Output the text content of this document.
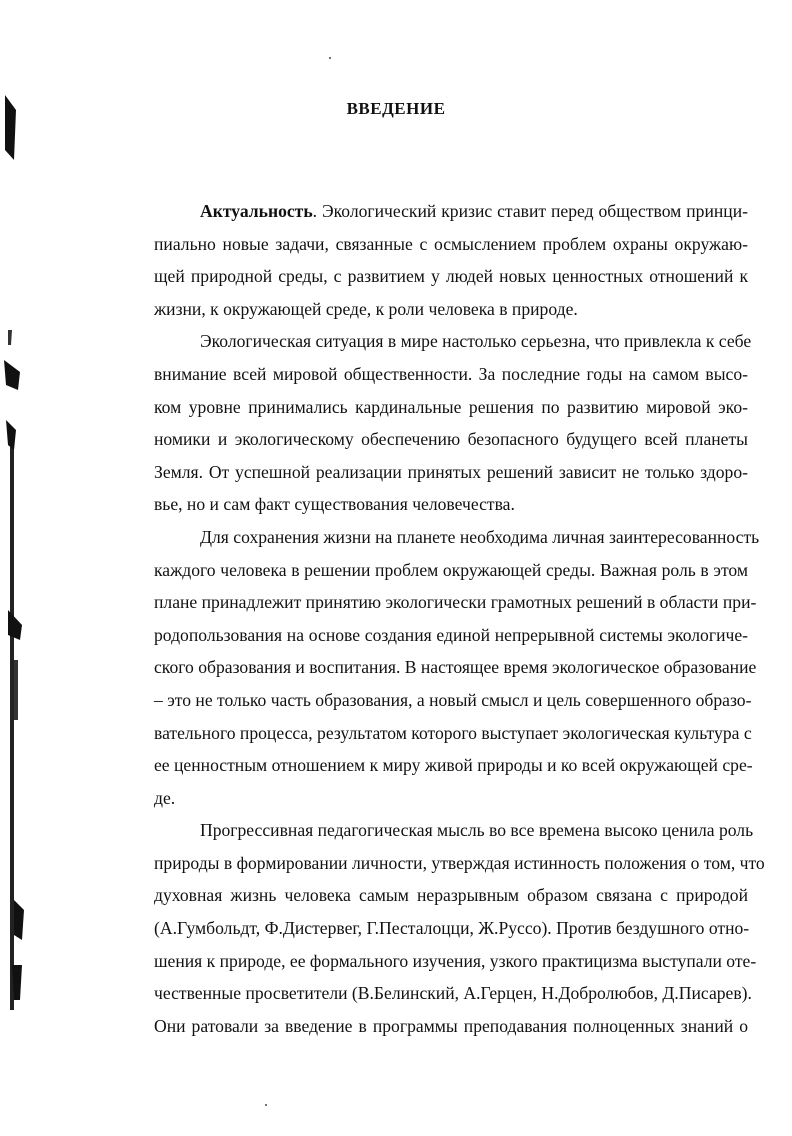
ВВЕДЕНИЕ

Актуальность. Экологический кризис ставит перед обществом принци-
пиально новые задачи, связанные с осмыслением проблем охраны окружаю-
щей природной среды, с развитием у людей новых ценностных отношений к
жизни, к окружающей среде, к роли человека в природе.

Экологическая ситуация в мире настолько серьезна, что привлекла к себе
внимание всей мировой общественности. За последние годы на самом высо-
ком уровне принимались кардинальные решения по развитию мировой эко-
номики и экологическому обеспечению безопасного будущего всей планеты
Земля. От успешной реализации принятых решений зависит не только здоро-
вье, но и сам факт существования человечества.

Для сохранения жизни на планете необходима личная заинтересованность
каждого человека в решении проблем окружающей среды. Важная роль в этом
плане принадлежит принятию экологически грамотных решений в области при-
родопользования на основе создания единой непрерывной системы экологиче-
ского образования и воспитания. В настоящее время экологическое образование
– это не только часть образования, а новый смысл и цель совершенного образо-
вательного процесса, результатом которого выступает экологическая культура с
ее ценностным отношением к миру живой природы и ко всей окружающей сре-
де.

Прогрессивная педагогическая мысль во все времена высоко ценила роль
природы в формировании личности, утверждая истинность положения о том, что
духовная жизнь человека самым неразрывным образом связана с природой
(А.Гумбольдт, Ф.Дистервег, Г.Песталоцци, Ж.Руссо). Против бездушного отно-
шения к природе, ее формального изучения, узкого практицизма выступали оте-
чественные просветители (В.Белинский, А.Герцен, Н.Добролюбов, Д.Писарев).
Они ратовали за введение в программы преподавания полноценных знаний о
